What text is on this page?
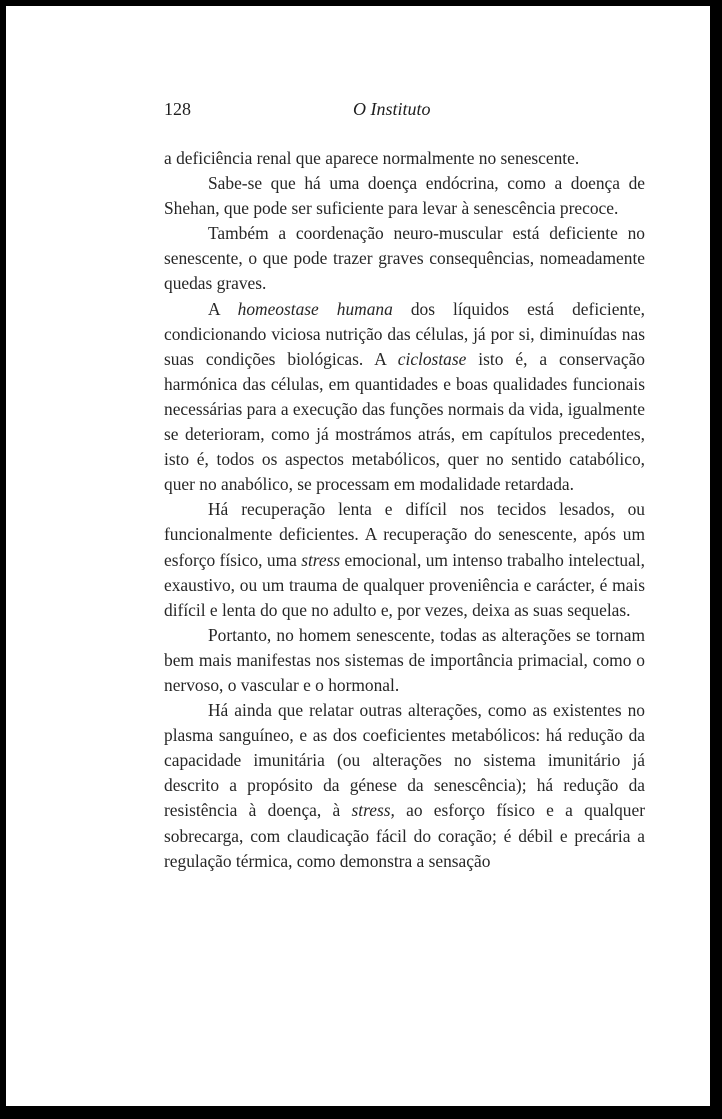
128	O Instituto

a deficiência renal que aparece normalmente no senescente.

Sabe-se que há uma doença endócrina, como a doença de Shehan, que pode ser suficiente para levar à senescência precoce.

Também a coordenação neuro-muscular está deficiente no senescente, o que pode trazer graves consequências, nomeadamente quedas graves.

A homeostase humana dos líquidos está deficiente, condicionando viciosa nutrição das células, já por si, diminuídas nas suas condições biológicas. A ciclostase isto é, a conservação harmónica das células, em quantidades e boas qualidades funcionais necessárias para a execução das funções normais da vida, igualmente se deterioram, como já mostrámos atrás, em capítulos precedentes, isto é, todos os aspectos metabólicos, quer no sentido catabólico, quer no anabólico, se processam em modalidade retardada.

Há recuperação lenta e difícil nos tecidos lesados, ou funcionalmente deficientes. A recuperação do senescente, após um esforço físico, uma stress emocional, um intenso trabalho intelectual, exaustivo, ou um trauma de qualquer proveniência e carácter, é mais difícil e lenta do que no adulto e, por vezes, deixa as suas sequelas.

Portanto, no homem senescente, todas as alterações se tornam bem mais manifestas nos sistemas de importância primacial, como o nervoso, o vascular e o hormonal.

Há ainda que relatar outras alterações, como as existentes no plasma sanguíneo, e as dos coeficientes metabólicos: há redução da capacidade imunitária (ou alterações no sistema imunitário já descrito a propósito da génese da senescência); há redução da resistência à doença, à stress, ao esforço físico e a qualquer sobrecarga, com claudicação fácil do coração; é débil e precária a regulação térmica, como demonstra a sensação
